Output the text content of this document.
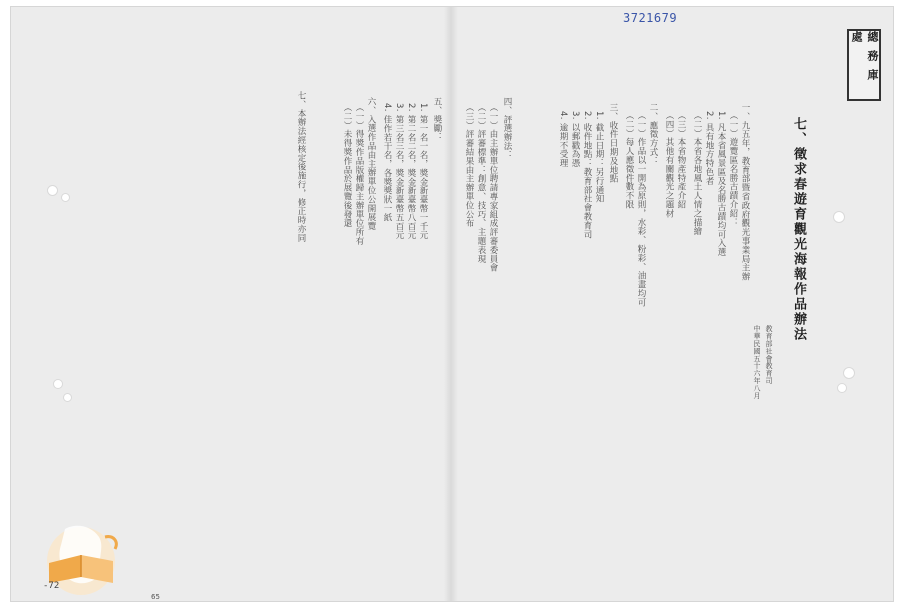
3721679
總 務 庫 處
七、徵求春遊育觀光海報作品辦法
教育部社會教育司
中華民國五十六年八月
一、九五年，教育部暨省政府觀光事業局主辦
（一）遊覽區名勝古蹟介紹：
1. 凡本省風景區及名勝古蹟均可入選
2. 具有地方特色者
（二）本省各地風土人情之描繪
（三）本省物產特產介紹
（四）其他有關觀光之題材
二、應徵方式：
（一）作品以一開為原則，水彩、粉彩、油畫均可
（二）每人應徵件數不限
三、收件日期及地點
1. 截止日期：另行通知
2. 收件地點：教育部社會教育司
3. 以郵戳為憑
4. 逾期不受理
四、評選辦法：
（一）由主辦單位聘請專家組成評審委員會
（二）評審標準：創意、技巧、主題表現
（三）評審結果由主辦單位公布
五、獎勵：
1. 第一名一名，獎金新臺幣一千元
2. 第二名二名，獎金新臺幣八百元
3. 第三名三名，獎金新臺幣五百元
4. 佳作若干名，各獎獎狀一紙
六、入選作品由主辦單位公開展覽
（一）得獎作品版權歸主辦單位所有
（二）未得獎作品於展覽後發還
七、本辦法經核定後施行，修正時亦同
-72
65
